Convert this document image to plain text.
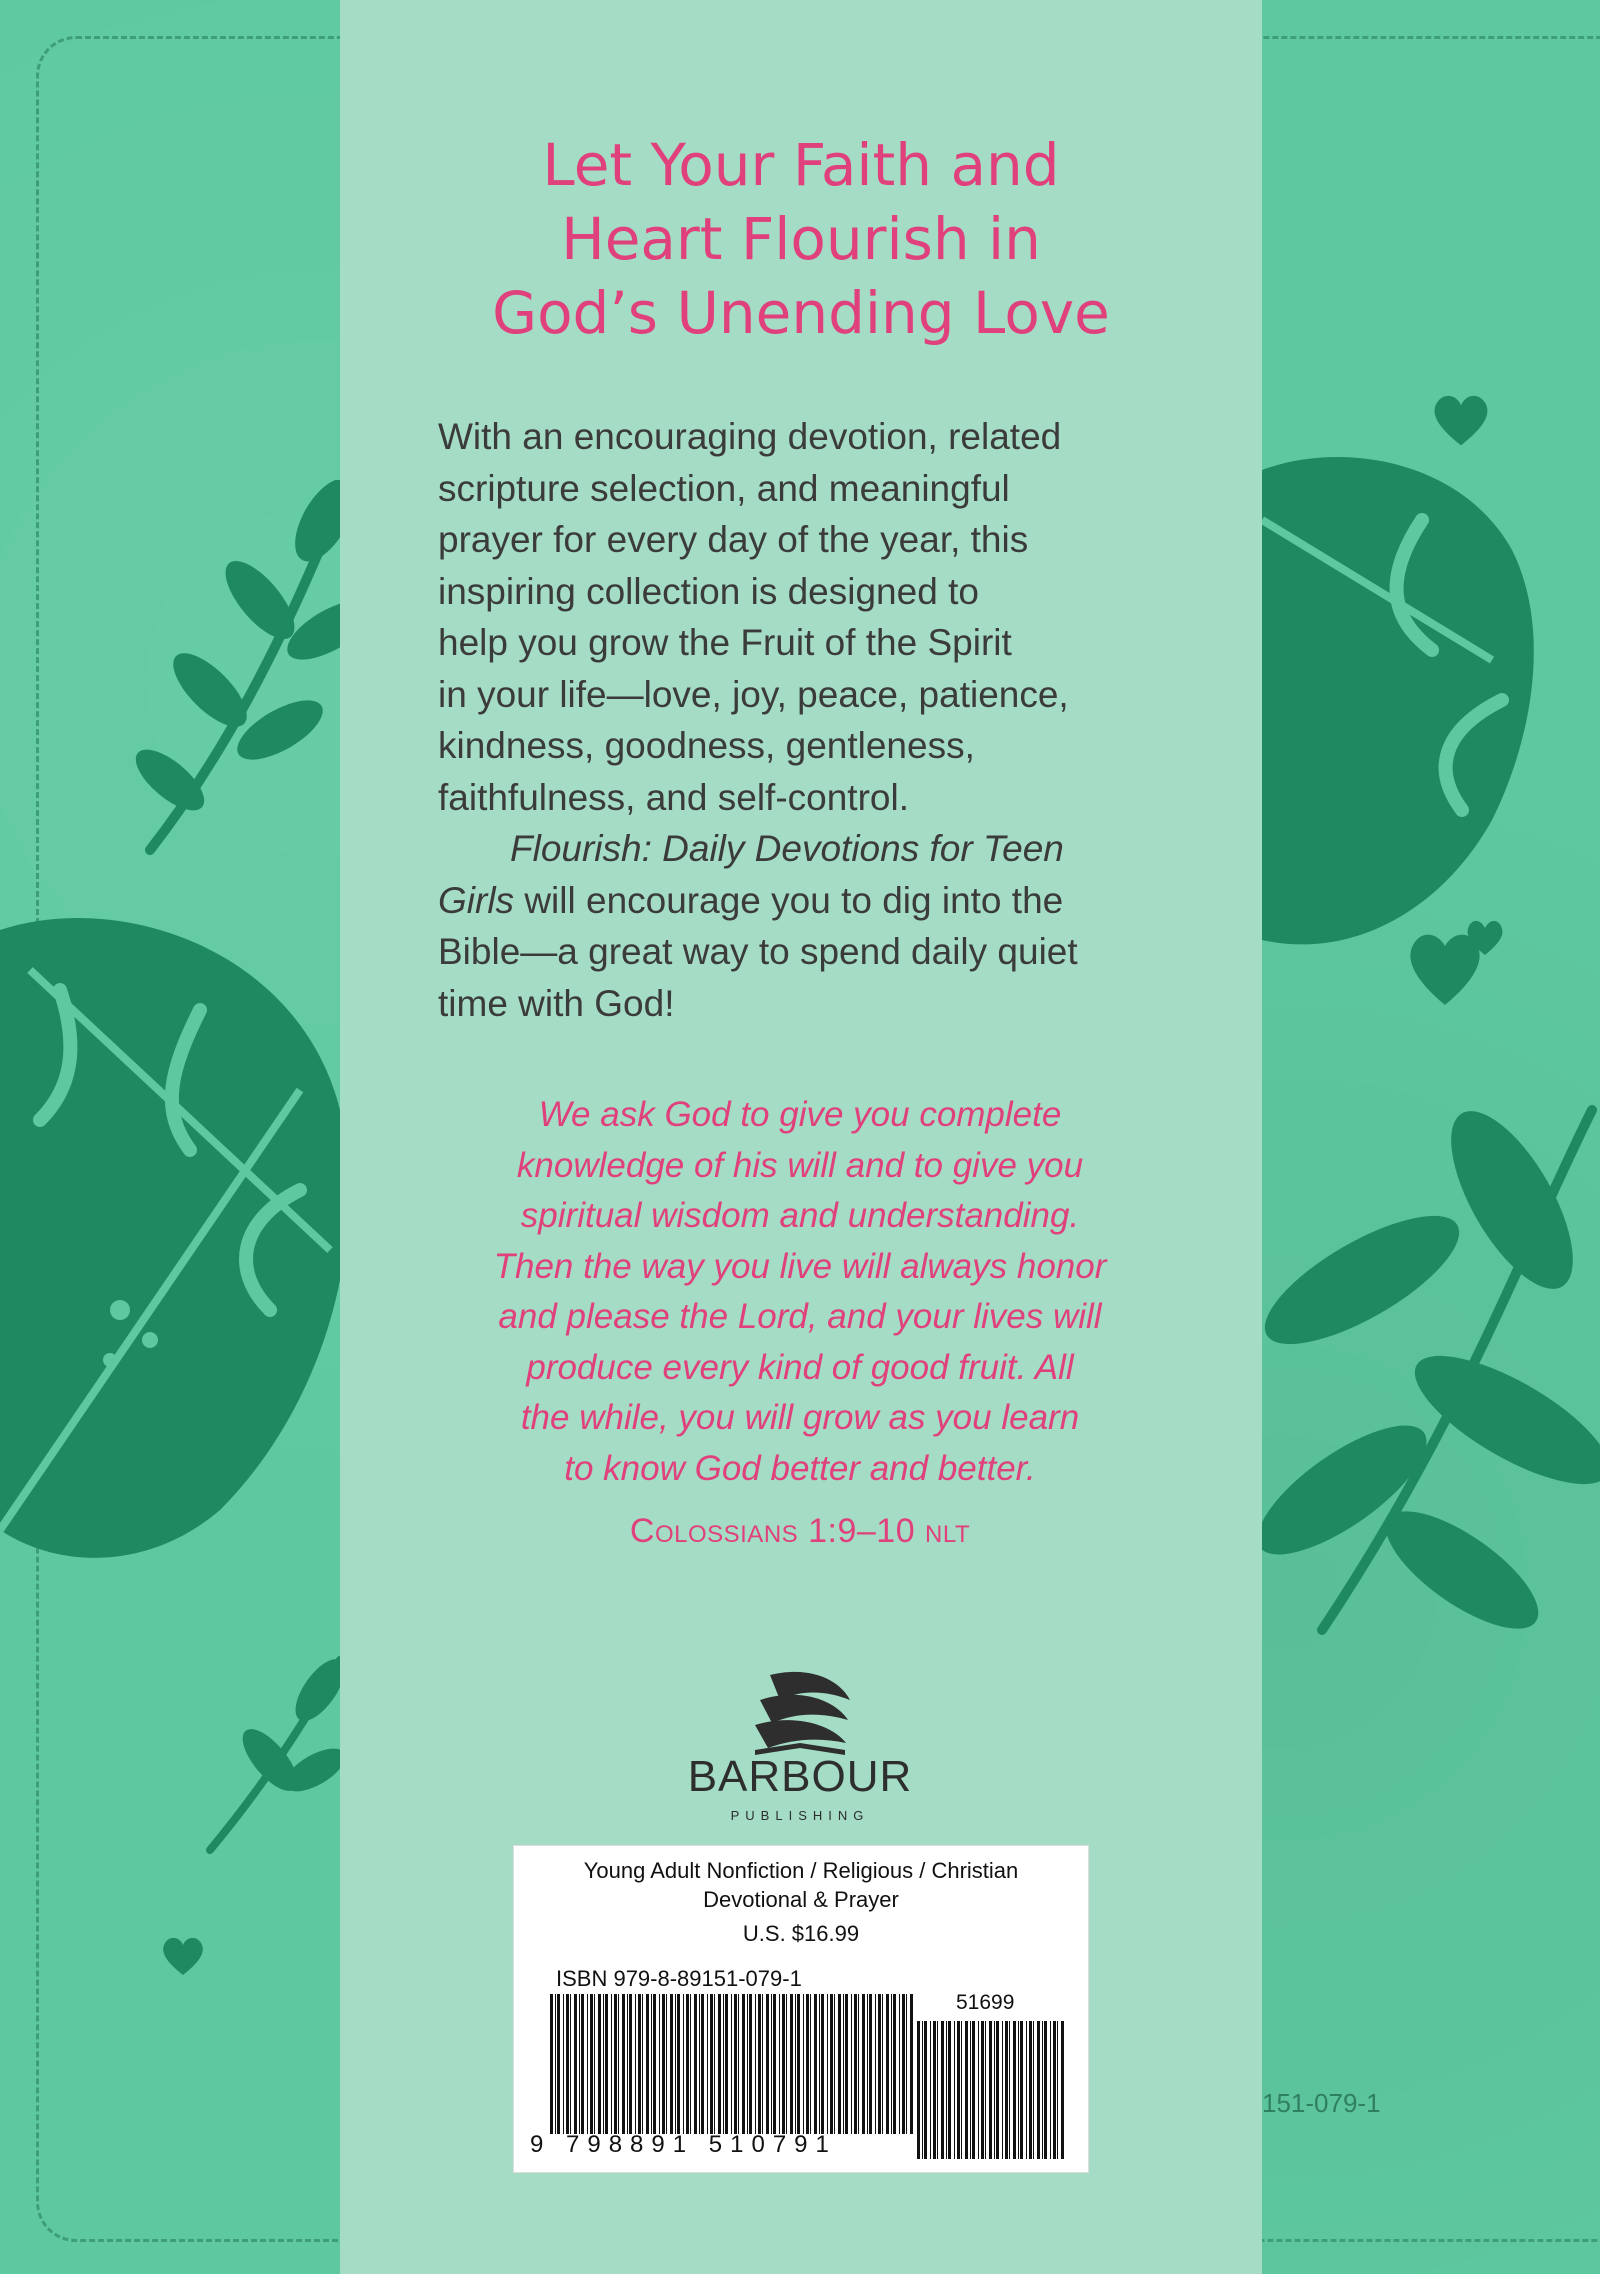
Let Your Faith and
Heart Flourish in
God’s Unending Love
With an encouraging devotion, related
scripture selection, and meaningful
prayer for every day of the year, this
inspiring collection is designed to
help you grow the Fruit of the Spirit
in your life—love, joy, peace, patience,
kindness, goodness, gentleness,
faithfulness, and self-control.
Flourish: Daily Devotions for Teen
Girls will encourage you to dig into the
Bible—a great way to spend daily quiet
time with God!
We ask God to give you complete
knowledge of his will and to give you
spiritual wisdom and understanding.
Then the way you live will always honor
and please the Lord, and your lives will
produce every kind of good fruit. All
the while, you will grow as you learn
to know God better and better.
Colossians 1:9–10 nlt
BARBOUR
PUBLISHING
Young Adult Nonfiction / Religious / Christian
Devotional & Prayer
U.S. $16.99
ISBN 979-8-89151-079-1
51699
9 798891 510791
151-079-1
